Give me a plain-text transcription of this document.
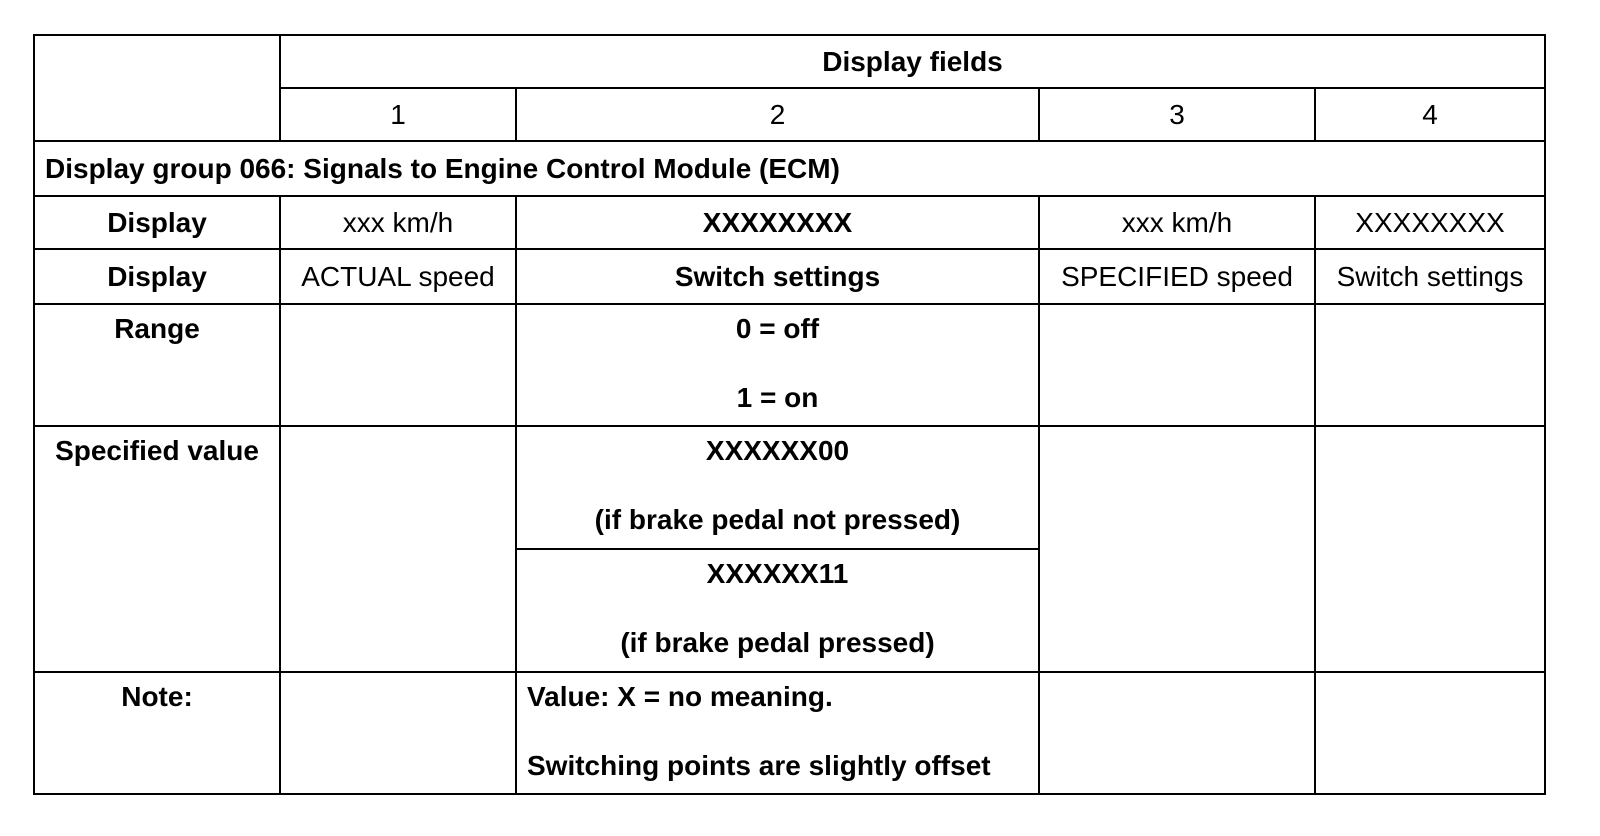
	Display fields			
	1	2	3	4
Display group 066: Signals to Engine Control Module (ECM)				
Display	xxx km/h	XXXXXXXX	xxx km/h	XXXXXXXX
Display	ACTUAL speed	Switch settings	SPECIFIED speed	Switch settings
Range		0 = off
1 = on		

Specified value		XXXXXX00
(if brake pedal not pressed)		

		XXXXXX11
(if brake pedal pressed)		

Note:		Value: X = no meaning.
Switching points are slightly offset		
